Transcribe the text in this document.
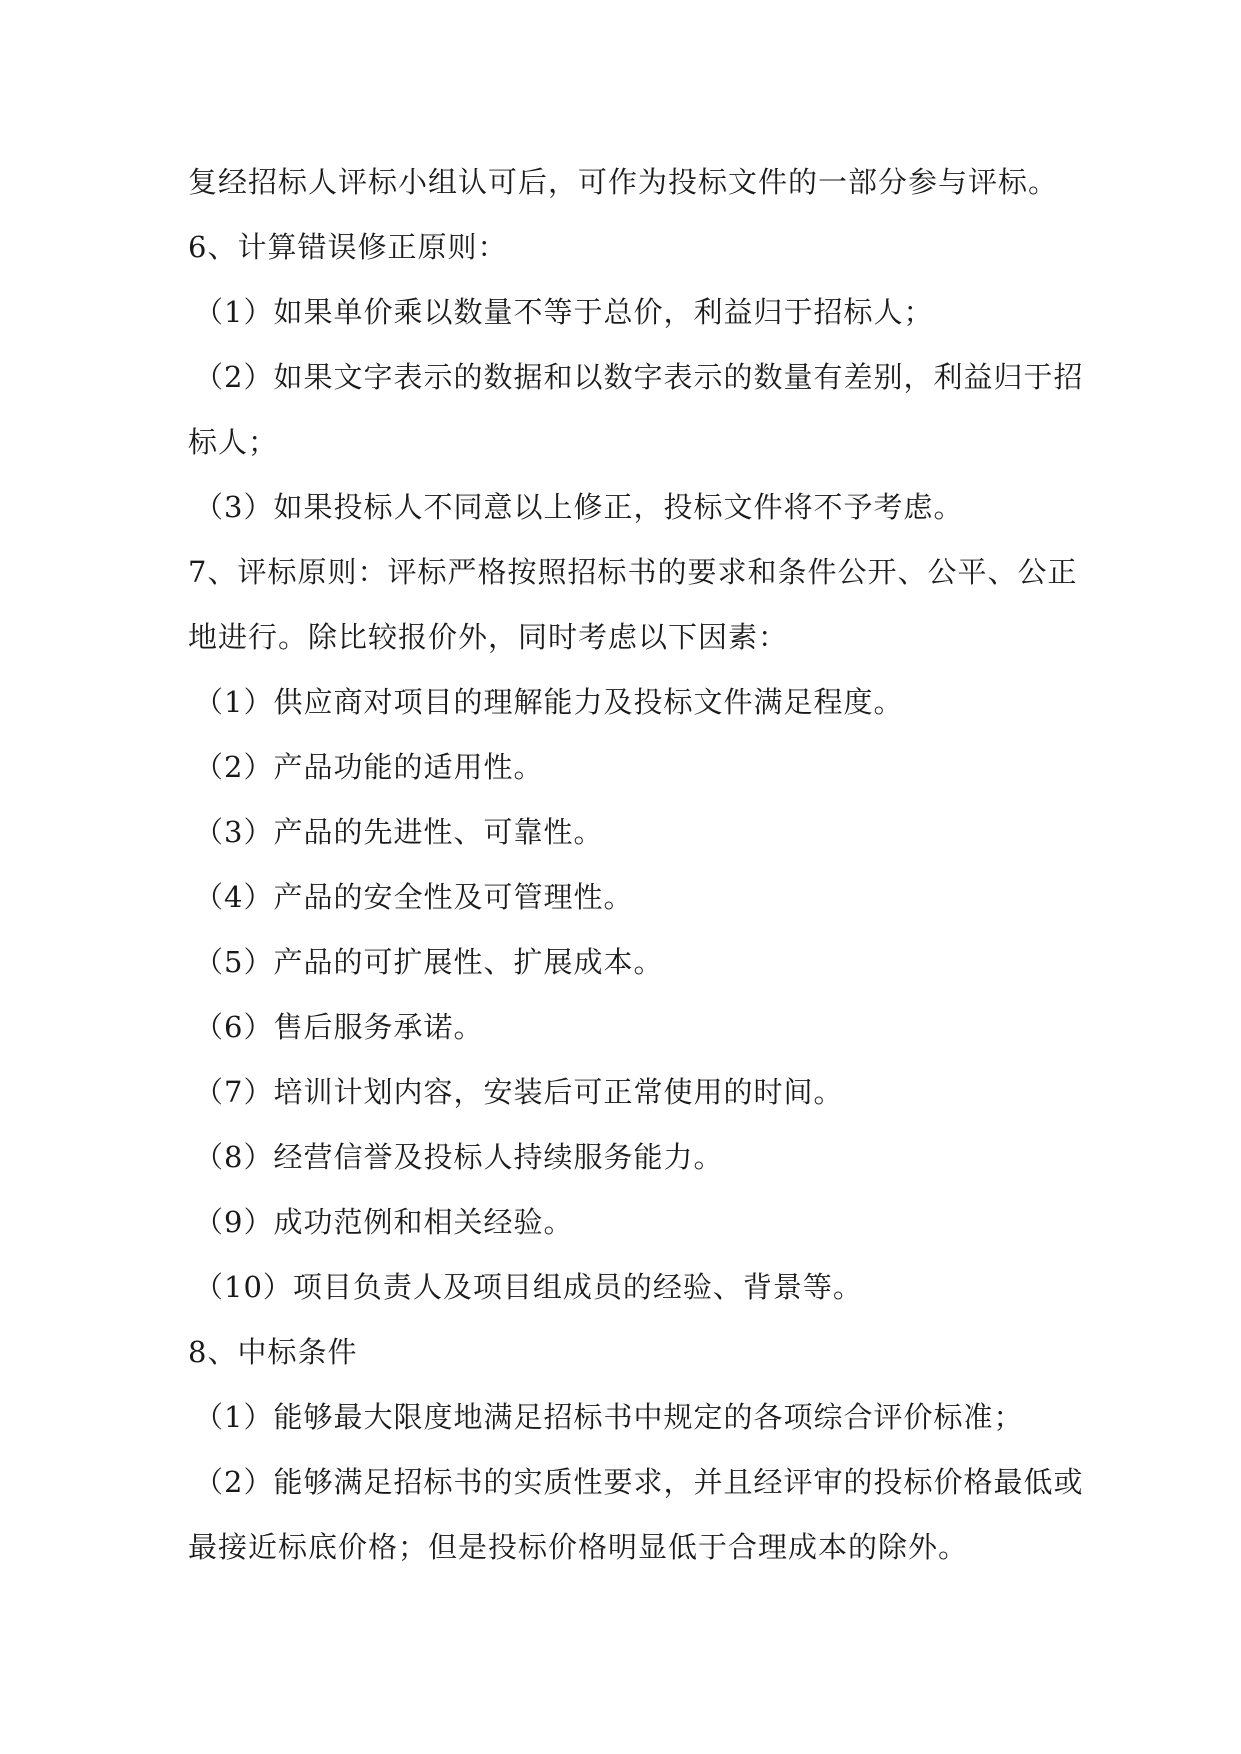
复经招标人评标小组认可后，可作为投标文件的一部分参与评标。
6、计算错误修正原则：
（1）如果单价乘以数量不等于总价，利益归于招标人；
（2）如果文字表示的数据和以数字表示的数量有差别，利益归于招
标人；
（3）如果投标人不同意以上修正，投标文件将不予考虑。
7、评标原则：评标严格按照招标书的要求和条件公开、公平、公正
地进行。除比较报价外，同时考虑以下因素：
（1）供应商对项目的理解能力及投标文件满足程度。
（2）产品功能的适用性。
（3）产品的先进性、可靠性。
（4）产品的安全性及可管理性。
（5）产品的可扩展性、扩展成本。
（6）售后服务承诺。
（7）培训计划内容，安装后可正常使用的时间。
（8）经营信誉及投标人持续服务能力。
（9）成功范例和相关经验。
（10）项目负责人及项目组成员的经验、背景等。
8、中标条件
（1）能够最大限度地满足招标书中规定的各项综合评价标准；
（2）能够满足招标书的实质性要求，并且经评审的投标价格最低或
最接近标底价格；但是投标价格明显低于合理成本的除外。
